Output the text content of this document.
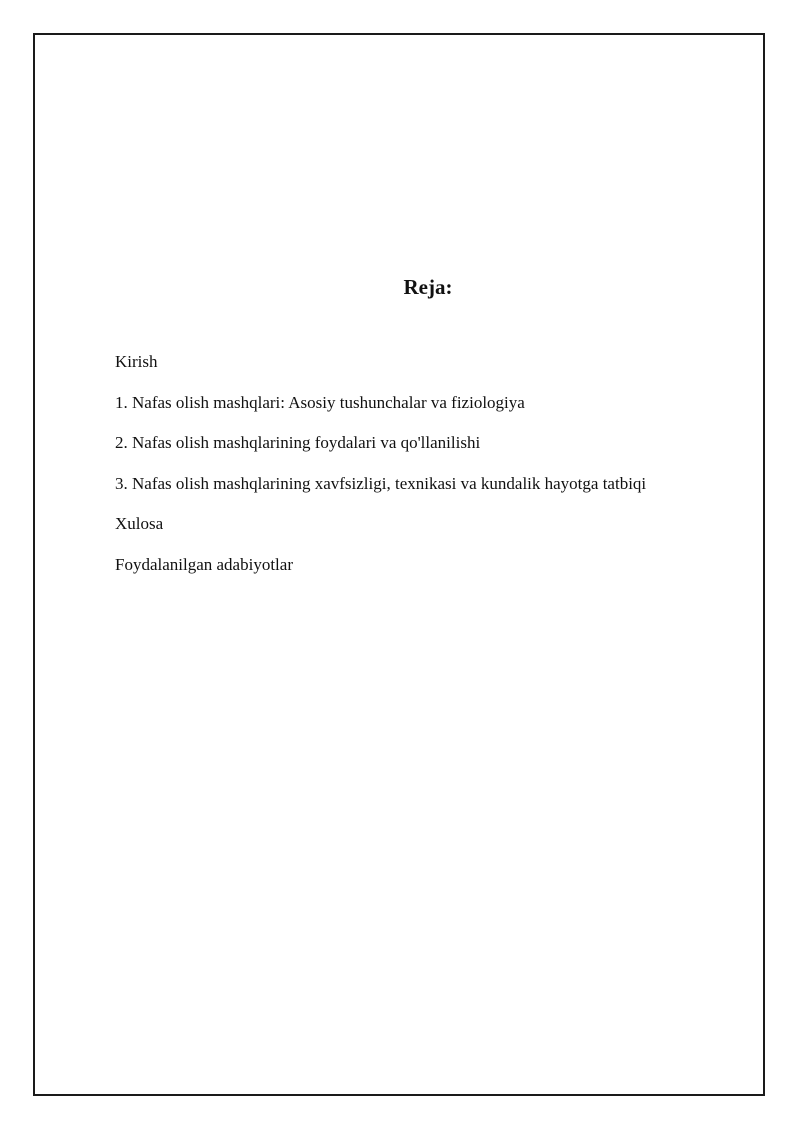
Reja:
Kirish
1. Nafas olish mashqlari: Asosiy tushunchalar va fiziologiya
2. Nafas olish mashqlarining foydalari va qo'llanilishi
3. Nafas olish mashqlarining xavfsizligi, texnikasi va kundalik hayotga tatbiqi
Xulosa
Foydalanilgan adabiyotlar
